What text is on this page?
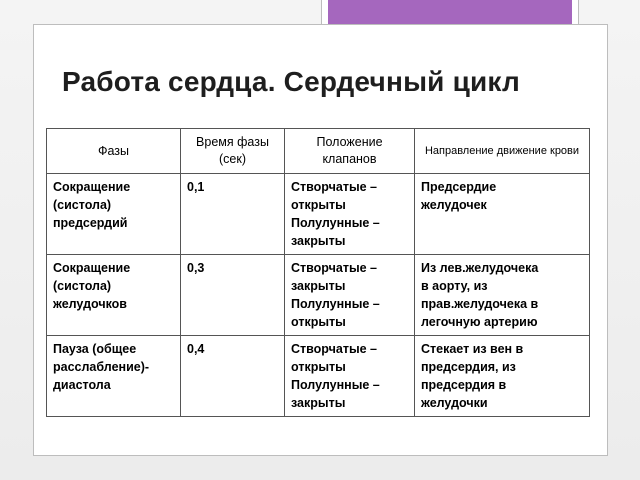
Работа сердца. Сердечный цикл
Фазы	Время фазы (сек)	Положение клапанов	Направление движение крови

Сокращение
(систола)
предсердий	0,1	Створчатые –
открыты
Полулунные –
закрыты	Предсердие
желудочек

Сокращение
(систола)
желудочков	0,3	Створчатые –
закрыты
Полулунные –
открыты	Из лев.желудочека
в аорту, из
прав.желудочека в
легочную артерию

Пауза (общее
расслабление)-
диастола	0,4	Створчатые –
открыты
Полулунные –
закрыты	Стекает из вен в
предсердия, из
предсердия в
желудочки
